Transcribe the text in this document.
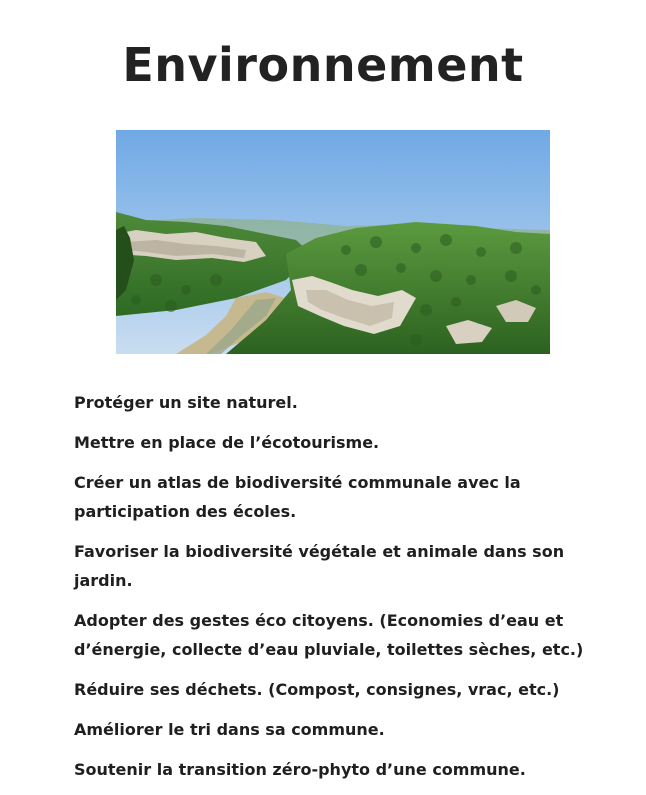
Environnement
Protéger un site naturel.
Mettre en place de l’écotourisme.
Créer un atlas de biodiversité communale avec la participation des écoles.
Favoriser la biodiversité végétale et animale dans son jardin.
Adopter des gestes éco citoyens. (Economies d’eau et d’énergie, collecte d’eau pluviale, toilettes sèches, etc.)
Réduire ses déchets. (Compost, consignes, vrac, etc.)
Améliorer le tri dans sa commune.
Soutenir la transition zéro-phyto d’une commune.
